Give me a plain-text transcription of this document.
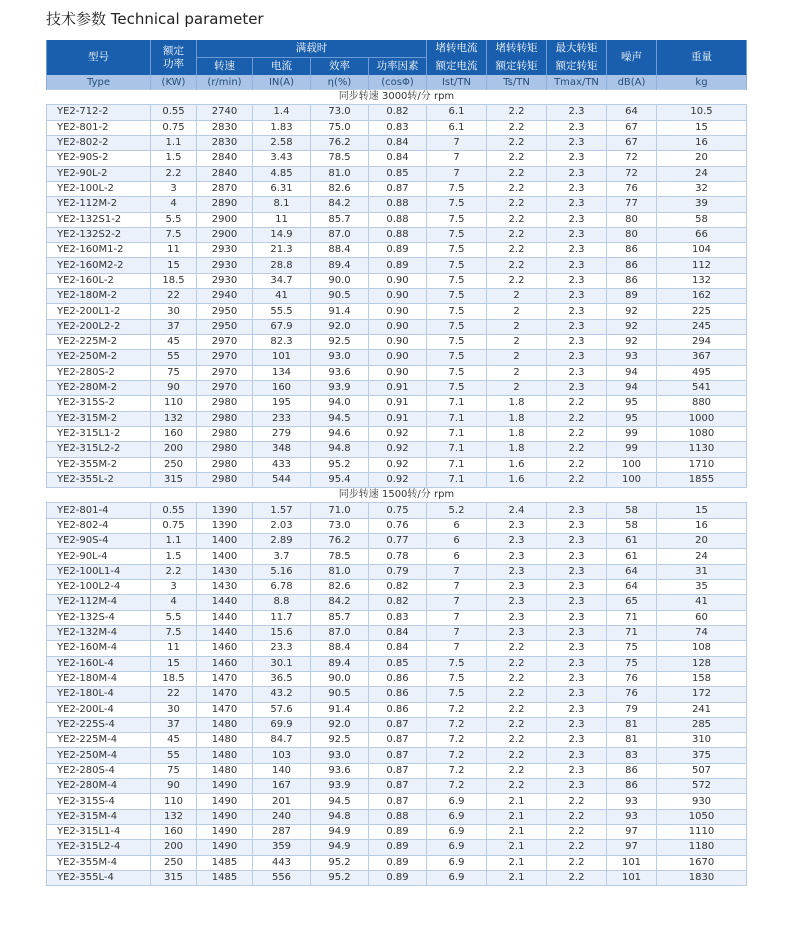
技术参数 Technical parameter
型号	额定
功率	满载时				堵转电流	堵转转矩	最大转矩	噪声	重量
		转速	电流	效率	功率因素	额定电流	额定转矩	额定转矩		
Type	(KW)	(r/min)	IN(A)	η(%)	(cosΦ)	Ist/TN	Ts/TN	Tmax/TN	dB(A)	kg
同步转速 3000转/分 rpm										
YE2-712-2	0.55	2740	1.4	73.0	0.82	6.1	2.2	2.3	64	10.5
YE2-801-2	0.75	2830	1.83	75.0	0.83	6.1	2.2	2.3	67	15
YE2-802-2	1.1	2830	2.58	76.2	0.84	7	2.2	2.3	67	16
YE2-90S-2	1.5	2840	3.43	78.5	0.84	7	2.2	2.3	72	20
YE2-90L-2	2.2	2840	4.85	81.0	0.85	7	2.2	2.3	72	24
YE2-100L-2	3	2870	6.31	82.6	0.87	7.5	2.2	2.3	76	32
YE2-112M-2	4	2890	8.1	84.2	0.88	7.5	2.2	2.3	77	39
YE2-132S1-2	5.5	2900	11	85.7	0.88	7.5	2.2	2.3	80	58
YE2-132S2-2	7.5	2900	14.9	87.0	0.88	7.5	2.2	2.3	80	66
YE2-160M1-2	11	2930	21.3	88.4	0.89	7.5	2.2	2.3	86	104
YE2-160M2-2	15	2930	28.8	89.4	0.89	7.5	2.2	2.3	86	112
YE2-160L-2	18.5	2930	34.7	90.0	0.90	7.5	2.2	2.3	86	132
YE2-180M-2	22	2940	41	90.5	0.90	7.5	2	2.3	89	162
YE2-200L1-2	30	2950	55.5	91.4	0.90	7.5	2	2.3	92	225
YE2-200L2-2	37	2950	67.9	92.0	0.90	7.5	2	2.3	92	245
YE2-225M-2	45	2970	82.3	92.5	0.90	7.5	2	2.3	92	294
YE2-250M-2	55	2970	101	93.0	0.90	7.5	2	2.3	93	367
YE2-280S-2	75	2970	134	93.6	0.90	7.5	2	2.3	94	495
YE2-280M-2	90	2970	160	93.9	0.91	7.5	2	2.3	94	541
YE2-315S-2	110	2980	195	94.0	0.91	7.1	1.8	2.2	95	880
YE2-315M-2	132	2980	233	94.5	0.91	7.1	1.8	2.2	95	1000
YE2-315L1-2	160	2980	279	94.6	0.92	7.1	1.8	2.2	99	1080
YE2-315L2-2	200	2980	348	94.8	0.92	7.1	1.8	2.2	99	1130
YE2-355M-2	250	2980	433	95.2	0.92	7.1	1.6	2.2	100	1710
YE2-355L-2	315	2980	544	95.4	0.92	7.1	1.6	2.2	100	1855
同步转速 1500转/分 rpm										
YE2-801-4	0.55	1390	1.57	71.0	0.75	5.2	2.4	2.3	58	15
YE2-802-4	0.75	1390	2.03	73.0	0.76	6	2.3	2.3	58	16
YE2-90S-4	1.1	1400	2.89	76.2	0.77	6	2.3	2.3	61	20
YE2-90L-4	1.5	1400	3.7	78.5	0.78	6	2.3	2.3	61	24
YE2-100L1-4	2.2	1430	5.16	81.0	0.79	7	2.3	2.3	64	31
YE2-100L2-4	3	1430	6.78	82.6	0.82	7	2.3	2.3	64	35
YE2-112M-4	4	1440	8.8	84.2	0.82	7	2.3	2.3	65	41
YE2-132S-4	5.5	1440	11.7	85.7	0.83	7	2.3	2.3	71	60
YE2-132M-4	7.5	1440	15.6	87.0	0.84	7	2.3	2.3	71	74
YE2-160M-4	11	1460	23.3	88.4	0.84	7	2.2	2.3	75	108
YE2-160L-4	15	1460	30.1	89.4	0.85	7.5	2.2	2.3	75	128
YE2-180M-4	18.5	1470	36.5	90.0	0.86	7.5	2.2	2.3	76	158
YE2-180L-4	22	1470	43.2	90.5	0.86	7.5	2.2	2.3	76	172
YE2-200L-4	30	1470	57.6	91.4	0.86	7.2	2.2	2.3	79	241
YE2-225S-4	37	1480	69.9	92.0	0.87	7.2	2.2	2.3	81	285
YE2-225M-4	45	1480	84.7	92.5	0.87	7.2	2.2	2.3	81	310
YE2-250M-4	55	1480	103	93.0	0.87	7.2	2.2	2.3	83	375
YE2-280S-4	75	1480	140	93.6	0.87	7.2	2.2	2.3	86	507
YE2-280M-4	90	1490	167	93.9	0.87	7.2	2.2	2.3	86	572
YE2-315S-4	110	1490	201	94.5	0.87	6.9	2.1	2.2	93	930
YE2-315M-4	132	1490	240	94.8	0.88	6.9	2.1	2.2	93	1050
YE2-315L1-4	160	1490	287	94.9	0.89	6.9	2.1	2.2	97	1110
YE2-315L2-4	200	1490	359	94.9	0.89	6.9	2.1	2.2	97	1180
YE2-355M-4	250	1485	443	95.2	0.89	6.9	2.1	2.2	101	1670
YE2-355L-4	315	1485	556	95.2	0.89	6.9	2.1	2.2	101	1830
